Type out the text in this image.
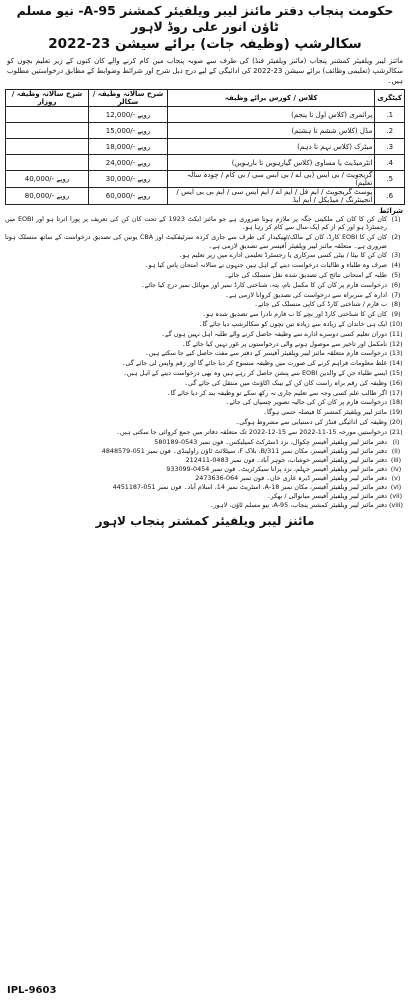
حکومت پنجاب دفتر مائنز لیبر ویلفیئر کمشنر A-95- نیو مسلم ٹاؤن انور علی روڈ لاہور
سکالرشپ (وظیفہ جات) برائے سیشن 23-2022
مائنز لیبر ویلفیئر کمشنر پنجاب (مائنز ویلفیئر فنڈ) کی طرف سے صوبہ پنجاب میں کام کرنے والے کان کنوں کے زیر تعلیم بچوں کو سکالرشپ (تعلیمی وظائف) برائے سیشن 23-2022 کی ادائیگی کے لیے درج ذیل شرح اور شرائط وضوابط کے مطابق درخواستیں مطلوب ہیں۔
کیٹگری	کلاس / کورس برائے وظیفہ	شرح سالانہ وظیفہ / سکالر	شرح سالانہ وظیفہ / روزار
1.	پرائمری (کلاس اول تا پنجم)	12,000/- روپے	
2.	مڈل (کلاس ششم تا ہشتم)	15,000/- روپے	
3.	میٹرک (کلاس نہم تا دہم)	18,000/- روپے	
4.	انٹرمیڈیٹ یا مساوی (کلاس گیارہویں تا بارہویں)	24,000/- روپے	
5.	گریجویٹ / بی ایس (بی اے / بی ایس سی / بی کام / چودہ سالہ تعلیم)	30,000/- روپے	40,000/- روپے
6.	پوسٹ گریجویٹ / ایم فل / ایم اے / ایم ایس سی / ایم بی بی ایس / انجینئرنگ / میڈیکل / ایم ایڈ	60,000/- روپے	80,000/- روپے
شرائط
(1)
کان کن کا کان کی ملکیتی جگہ پر ملازم ہونا ضروری ہے جو مائنز ایکٹ 1923 کے تحت کان کن کی تعریف پر پورا اترتا ہو اور EOBI میں رجسٹرڈ ہو اور کم از کم ایک سال سے کام کر رہا ہو۔
(2)
کان کن کا EOBI کارڈ، کان کے مالک/ٹھیکیدار کی طرف سے جاری کردہ سرٹیفکیٹ اور CBA یونین کی تصدیق درخواست کے ساتھ منسلک ہونا ضروری ہے۔ متعلقہ مائنز لیبر ویلفیئر آفیسر سے تصدیق لازمی ہے۔
(3)
کان کن کا بیٹا / بیٹی کسی سرکاری یا رجسٹرڈ تعلیمی ادارے میں زیر تعلیم ہو۔
(4)
صرف وہ طلباء و طالبات درخواست دینے کے اہل ہیں جنہوں نے سالانہ امتحان پاس کیا ہو۔
(5)
طلبہ کے امتحانی نتائج کی تصدیق شدہ نقل منسلک کی جائے۔
(6)
درخواست فارم پر کان کن کا مکمل نام، پتہ، شناختی کارڈ نمبر اور موبائل نمبر درج کیا جائے۔
(7)
ادارہ کے سربراہ سے درخواست کی تصدیق کروانا لازمی ہے۔
(8)
ب فارم / شناختی کارڈ کی کاپی منسلک کی جائے۔
(9)
کان کن کا شناختی کارڈ اور بچے کا ب فارم نادرا سے تصدیق شدہ ہو۔
(10)
ایک ہی خاندان کے زیادہ سے زیادہ تین بچوں کو سکالرشپ دیا جائے گا۔
(11)
دوران تعلیم کسی دوسرے ادارے سے وظیفہ حاصل کرنے والے طلبہ اہل نہیں ہوں گے۔
(12)
نامکمل اور تاخیر سے موصول ہونے والی درخواستوں پر غور نہیں کیا جائے گا۔
(13)
درخواست فارم متعلقہ مائنز لیبر ویلفیئر آفیسر کے دفتر سے مفت حاصل کیے جا سکتے ہیں۔
(14)
غلط معلومات فراہم کرنے کی صورت میں وظیفہ منسوخ کر دیا جائے گا اور رقم واپس لی جائے گی۔
(15)
ایسے طلباء جن کے والدین EOBI سے پنشن حاصل کر رہے ہیں وہ بھی درخواست دینے کے اہل ہیں۔
(16)
وظیفہ کی رقم براہ راست کان کن کے بینک اکاؤنٹ میں منتقل کی جائے گی۔
(17)
اگر طالب علم کسی وجہ سے تعلیم جاری نہ رکھ سکے تو وظیفہ بند کر دیا جائے گا۔
(18)
درخواست فارم پر کان کن کی حالیہ تصویر چسپاں کی جائے۔
(19)
مائنز لیبر ویلفیئر کمشنر کا فیصلہ حتمی ہوگا۔
(20)
وظیفہ کی ادائیگی فنڈز کی دستیابی سے مشروط ہوگی۔
(21)
درخواستیں مورخہ 15-11-2022 سے 15-12-2022 تک متعلقہ دفاتر میں جمع کروائی جا سکتی ہیں۔
(i)
دفتر مائنز لیبر ویلفیئر آفیسر چکوال، نزد ڈسٹرکٹ کمپلیکس۔ فون نمبر 0543-580189
(ii)
دفتر مائنز لیبر ویلفیئر آفیسر، مکان نمبر 311/B، بلاک F، سیٹلائٹ ٹاؤن راولپنڈی۔ فون نمبر 051-4848579
(iii)
دفتر مائنز لیبر ویلفیئر آفیسر خوشاب، جوہر آباد۔ فون نمبر 0483-212411
(iv)
دفتر مائنز لیبر ویلفیئر آفیسر جہلم، نزد پرانا سیکرٹریٹ۔ فون نمبر 0454-933099
(v)
دفتر مائنز لیبر ویلفیئر آفیسر ڈیرہ غازی خان۔ فون نمبر 064-2473636
(vi)
دفتر مائنز لیبر ویلفیئر آفیسر، مکان نمبر A-18، اسٹریٹ نمبر 14، اسلام آباد۔ فون نمبر 051-4451187
(vii)
دفتر مائنز لیبر ویلفیئر آفیسر میانوالی / بھکر۔
(viii)
دفتر مائنز لیبر ویلفیئر کمشنر پنجاب، A-95، نیو مسلم ٹاؤن، لاہور۔
مائنز لیبر ویلفیئر کمشنر پنجاب لاہور
IPL-9603
